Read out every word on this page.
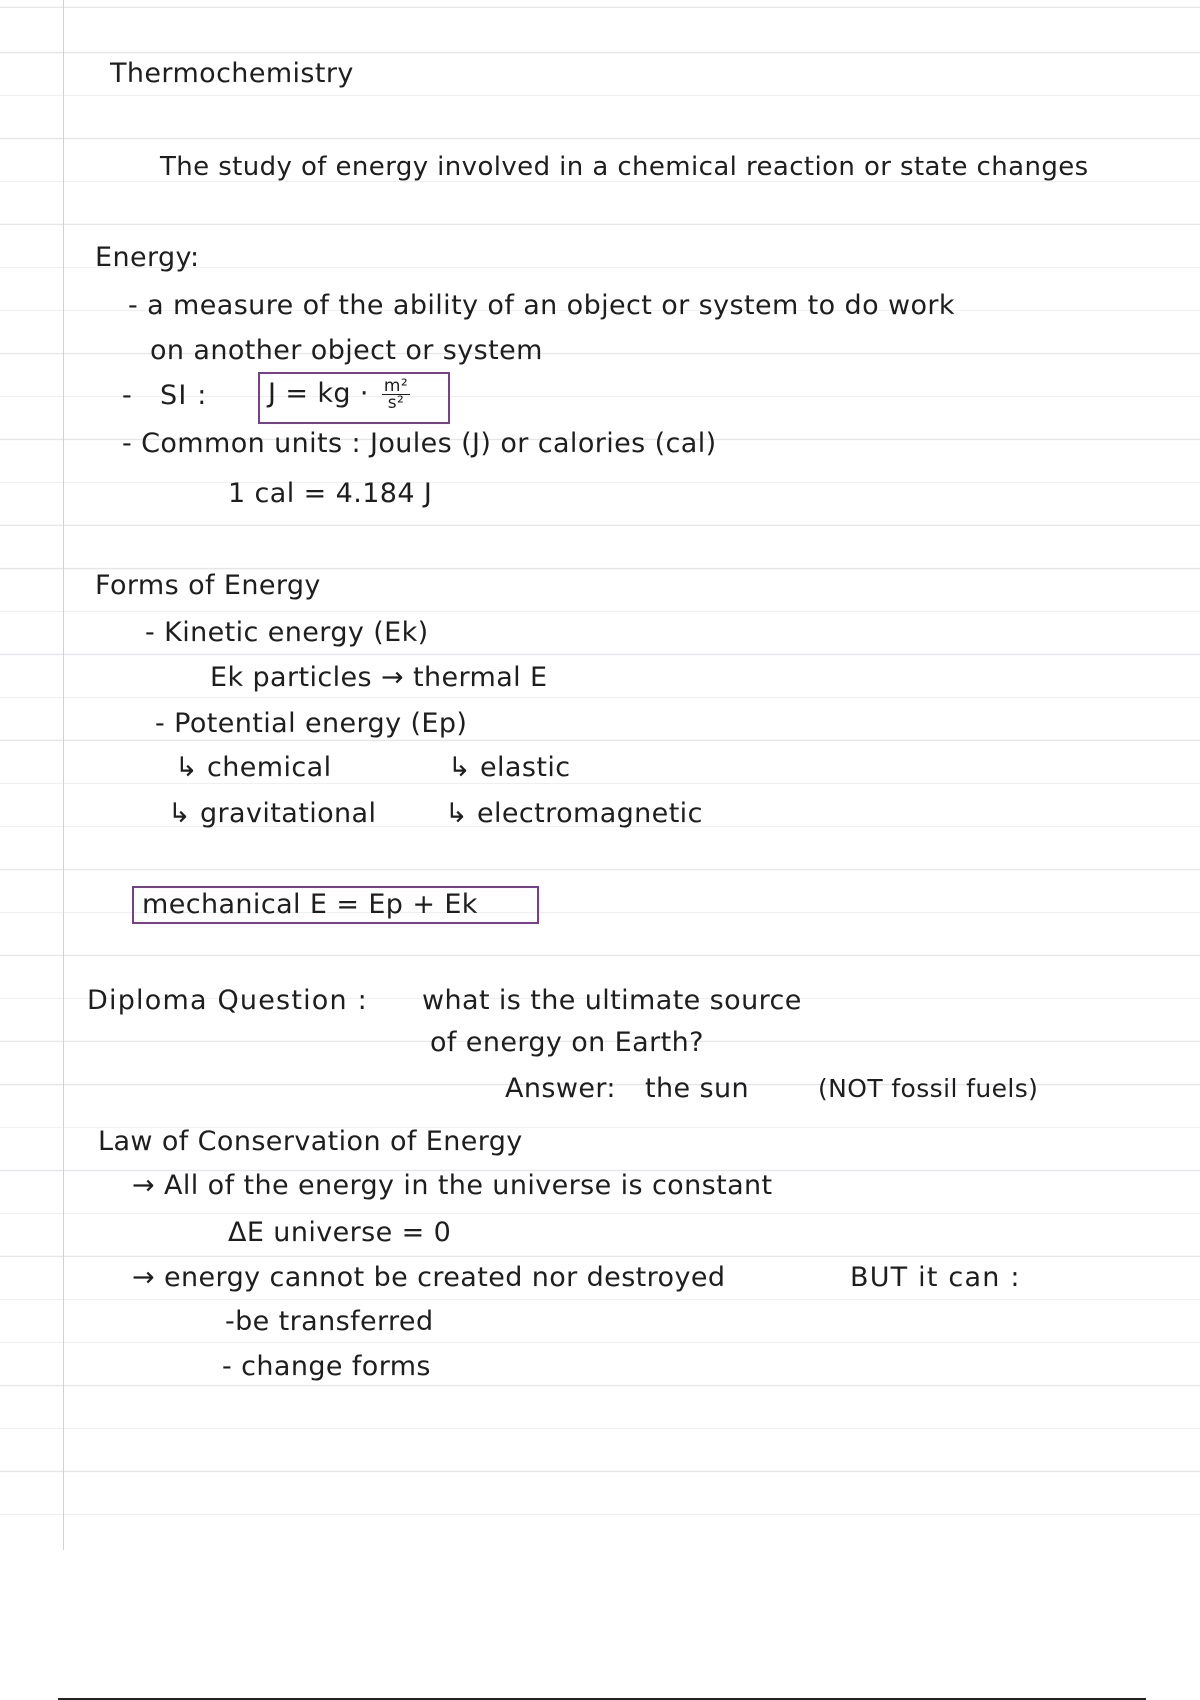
Thermochemistry
The study of energy involved in a chemical reaction or state changes
Energy:
- a measure of the ability of an object or system to do work
on another object or system
- SI : J = kg · $\frac{\text{m²}}{\text{s²}}$
- Common units : Joules (J) or calories (cal)
1 cal = 4.184 J
Forms of Energy
- Kinetic energy (Ek)
Ek particles → thermal E
- Potential energy (Ep)
↳ chemical	↳ elastic
↳ gravitational	↳ electromagnetic
mechanical E = Ep + Ek
Diploma Question : what is the ultimate source
of energy on Earth?
Answer: the sun	(NOT fossil fuels)
Law of Conservation of Energy
→ All of the energy in the universe is constant
ΔE universe = 0
→ energy cannot be created nor destroyed	BUT it can :
-be transferred
- change forms
